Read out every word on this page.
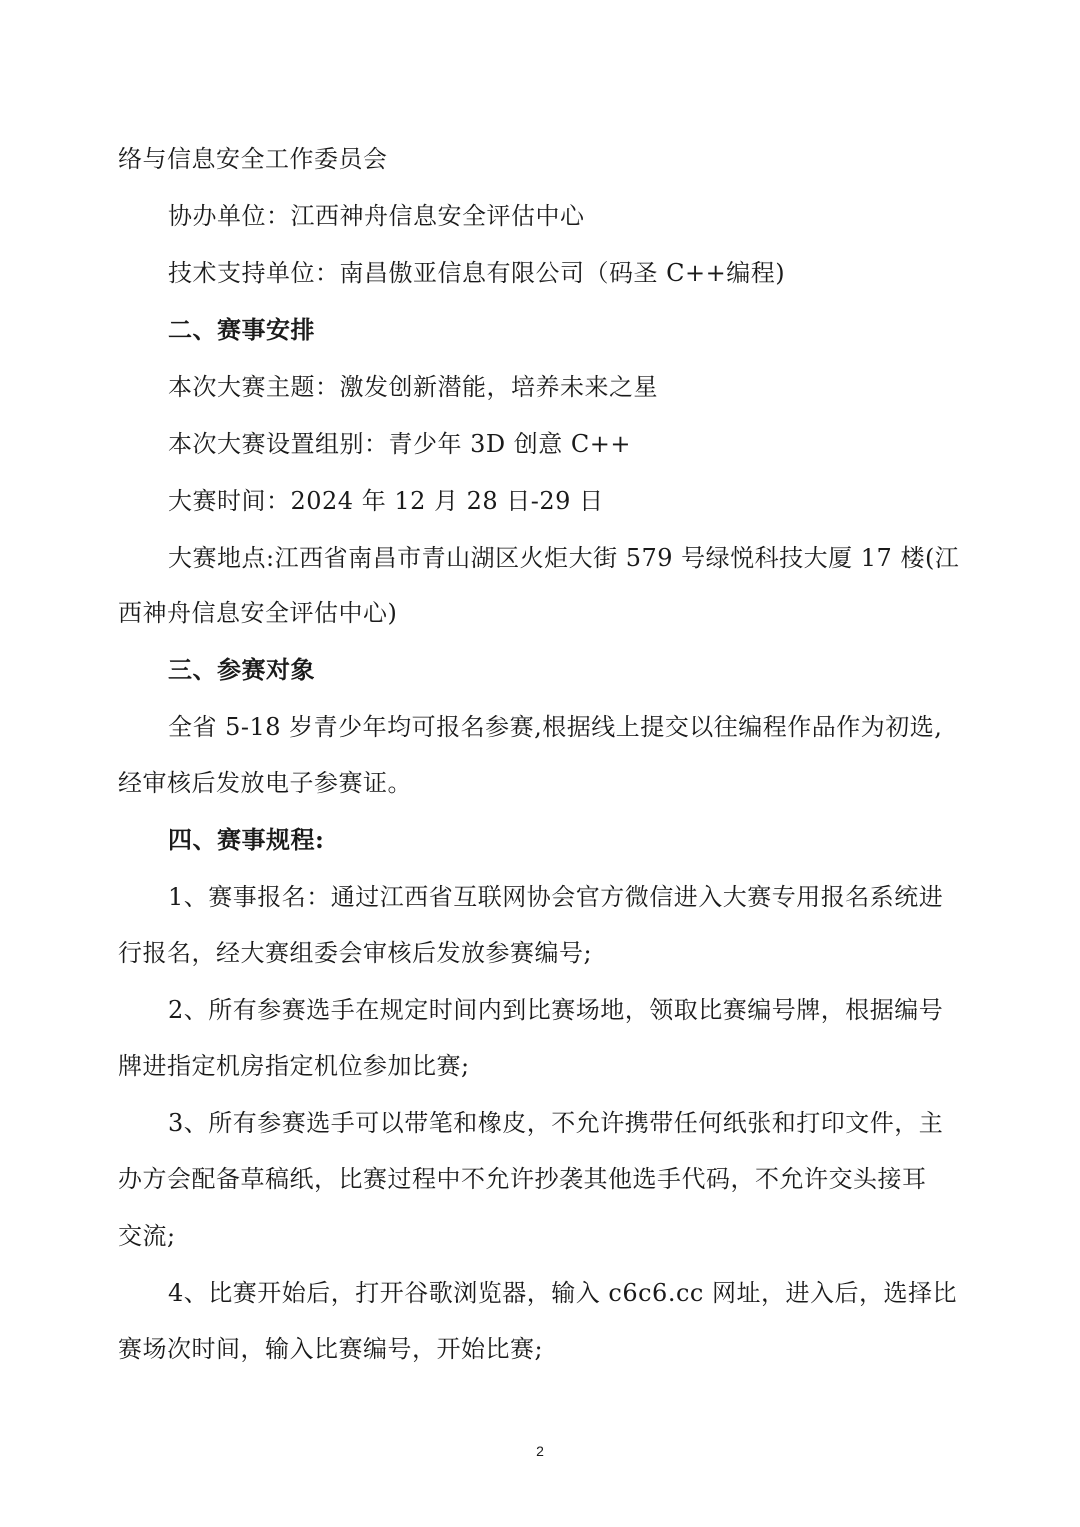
络与信息安全工作委员会
协办单位：江西神舟信息安全评估中心
技术支持单位：南昌傲亚信息有限公司（码圣 C++编程)
二、赛事安排
本次大赛主题：激发创新潜能，培养未来之星
本次大赛设置组别：青少年 3D 创意 C++
大赛时间：2024 年 12 月 28 日-29 日
大赛地点:江西省南昌市青山湖区火炬大街 579 号绿悦科技大厦 17 楼(江
西神舟信息安全评估中心)
三、参赛对象
全省 5-18 岁青少年均可报名参赛,根据线上提交以往编程作品作为初选,
经审核后发放电子参赛证。
四、赛事规程:
1、赛事报名：通过江西省互联网协会官方微信进入大赛专用报名系统进
行报名，经大赛组委会审核后发放参赛编号;
2、所有参赛选手在规定时间内到比赛场地，领取比赛编号牌，根据编号
牌进指定机房指定机位参加比赛;
3、所有参赛选手可以带笔和橡皮，不允许携带任何纸张和打印文件，主
办方会配备草稿纸，比赛过程中不允许抄袭其他选手代码，不允许交头接耳
交流;
4、比赛开始后，打开谷歌浏览器，输入 c6c6.cc 网址，进入后，选择比
赛场次时间，输入比赛编号，开始比赛;
2
